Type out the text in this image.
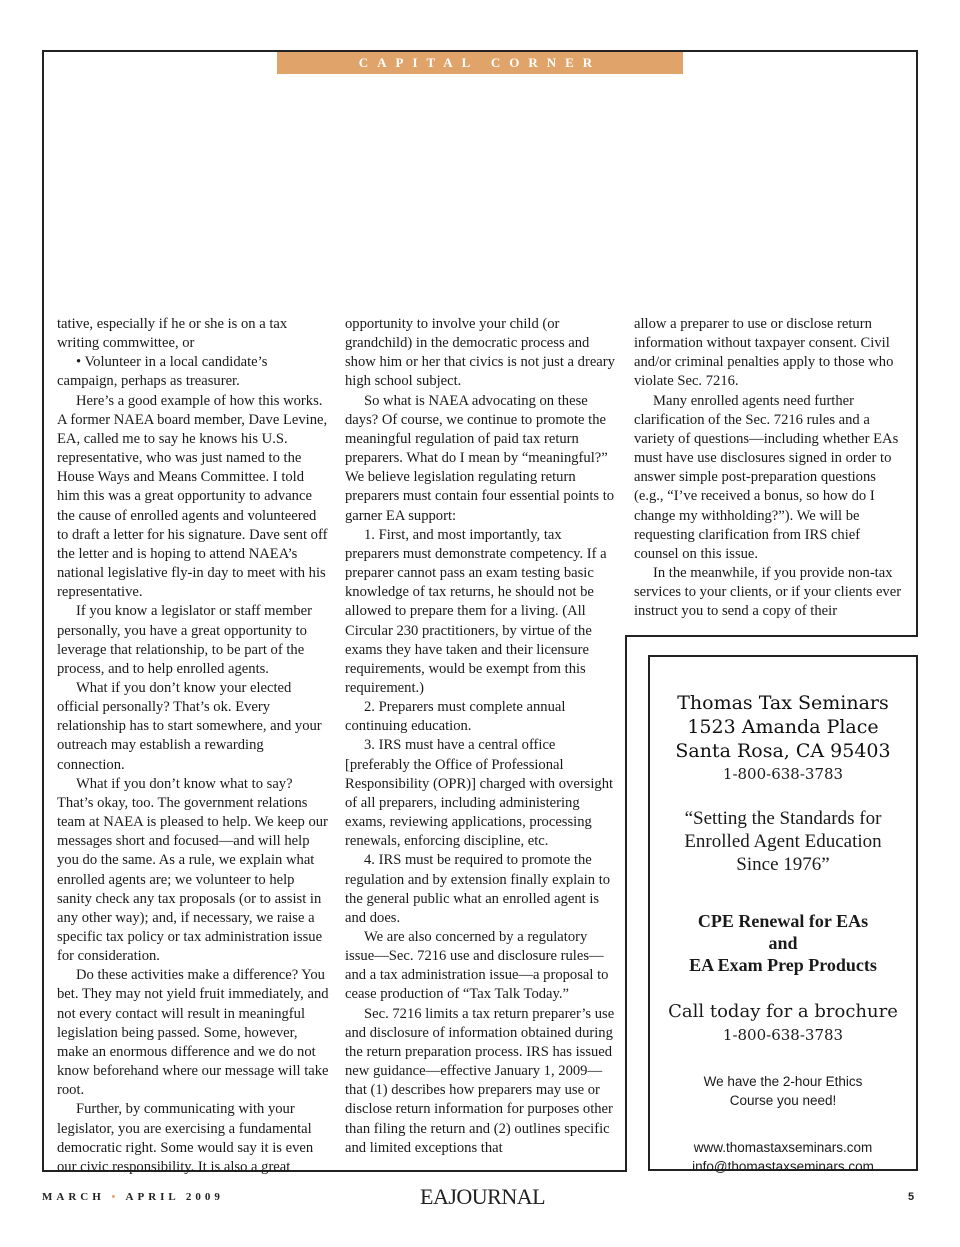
CAPITAL CORNER

tative, especially if he or she is on a tax writing commwittee, or

• Volunteer in a local candidate’s campaign, perhaps as treasurer.

Here’s a good example of how this works. A former NAEA board member, Dave Levine, EA, called me to say he knows his U.S. representative, who was just named to the House Ways and Means Committee. I told him this was a great opportunity to advance the cause of enrolled agents and volunteered to draft a letter for his signature. Dave sent off the letter and is hoping to attend NAEA’s national legislative fly-in day to meet with his representative.

If you know a legislator or staff member personally, you have a great opportunity to leverage that relationship, to be part of the process, and to help enrolled agents.

What if you don’t know your elected official personally? That’s ok. Every relationship has to start somewhere, and your outreach may establish a rewarding connection.

What if you don’t know what to say? That’s okay, too. The government relations team at NAEA is pleased to help. We keep our messages short and focused—and will help you do the same. As a rule, we explain what enrolled agents are; we volunteer to help sanity check any tax proposals (or to assist in any other way); and, if necessary, we raise a specific tax policy or tax administration issue for consideration.

Do these activities make a difference? You bet. They may not yield fruit immediately, and not every contact will result in meaningful legislation being passed. Some, however, make an enormous difference and we do not know beforehand where our message will take root.

Further, by communicating with your legislator, you are exercising a fundamental democratic right. Some would say it is even our civic responsibility. It is also a great

opportunity to involve your child (or grandchild) in the democratic process and show him or her that civics is not just a dreary high school subject.

So what is NAEA advocating on these days? Of course, we continue to promote the meaningful regulation of paid tax return preparers. What do I mean by “meaningful?” We believe legislation regulating return preparers must contain four essential points to garner EA support:

1. First, and most importantly, tax preparers must demonstrate competency. If a preparer cannot pass an exam testing basic knowledge of tax returns, he should not be allowed to prepare them for a living. (All Circular 230 practitioners, by virtue of the exams they have taken and their licensure requirements, would be exempt from this requirement.)

2. Preparers must complete annual continuing education.

3. IRS must have a central office [preferably the Office of Professional Responsibility (OPR)] charged with oversight of all preparers, including administering exams, reviewing applications, processing renewals, enforcing discipline, etc.

4. IRS must be required to promote the regulation and by extension finally explain to the general public what an enrolled agent is and does.

We are also concerned by a regulatory issue—Sec. 7216 use and disclosure rules—and a tax administration issue—a proposal to cease production of “Tax Talk Today.”

Sec. 7216 limits a tax return preparer’s use and disclosure of information obtained during the return preparation process. IRS has issued new guidance—effective January 1, 2009—that (1) describes how preparers may use or disclose return information for purposes other than filing the return and (2) outlines specific and limited exceptions that

allow a preparer to use or disclose return information without taxpayer consent. Civil and/or criminal penalties apply to those who violate Sec. 7216.

Many enrolled agents need further clarification of the Sec. 7216 rules and a variety of questions—including whether EAs must have use disclosures signed in order to answer simple post-preparation questions (e.g., “I’ve received a bonus, so how do I change my withholding?”). We will be requesting clarification from IRS chief counsel on this issue.

In the meanwhile, if you provide non-tax services to your clients, or if your clients ever instruct you to send a copy of their

Thomas Tax Seminars
1523 Amanda Place
Santa Rosa, CA 95403
1-800-638-3783
“Setting the Standards for
Enrolled Agent Education
Since 1976”
CPE Renewal for EAs
and
EA Exam Prep Products
Call today for a brochure
1-800-638-3783
We have the 2-hour Ethics
Course you need!
www.thomastaxseminars.com
info@thomastaxseminars.com
MARCH • APRIL 2009	EAJOURNAL	5
